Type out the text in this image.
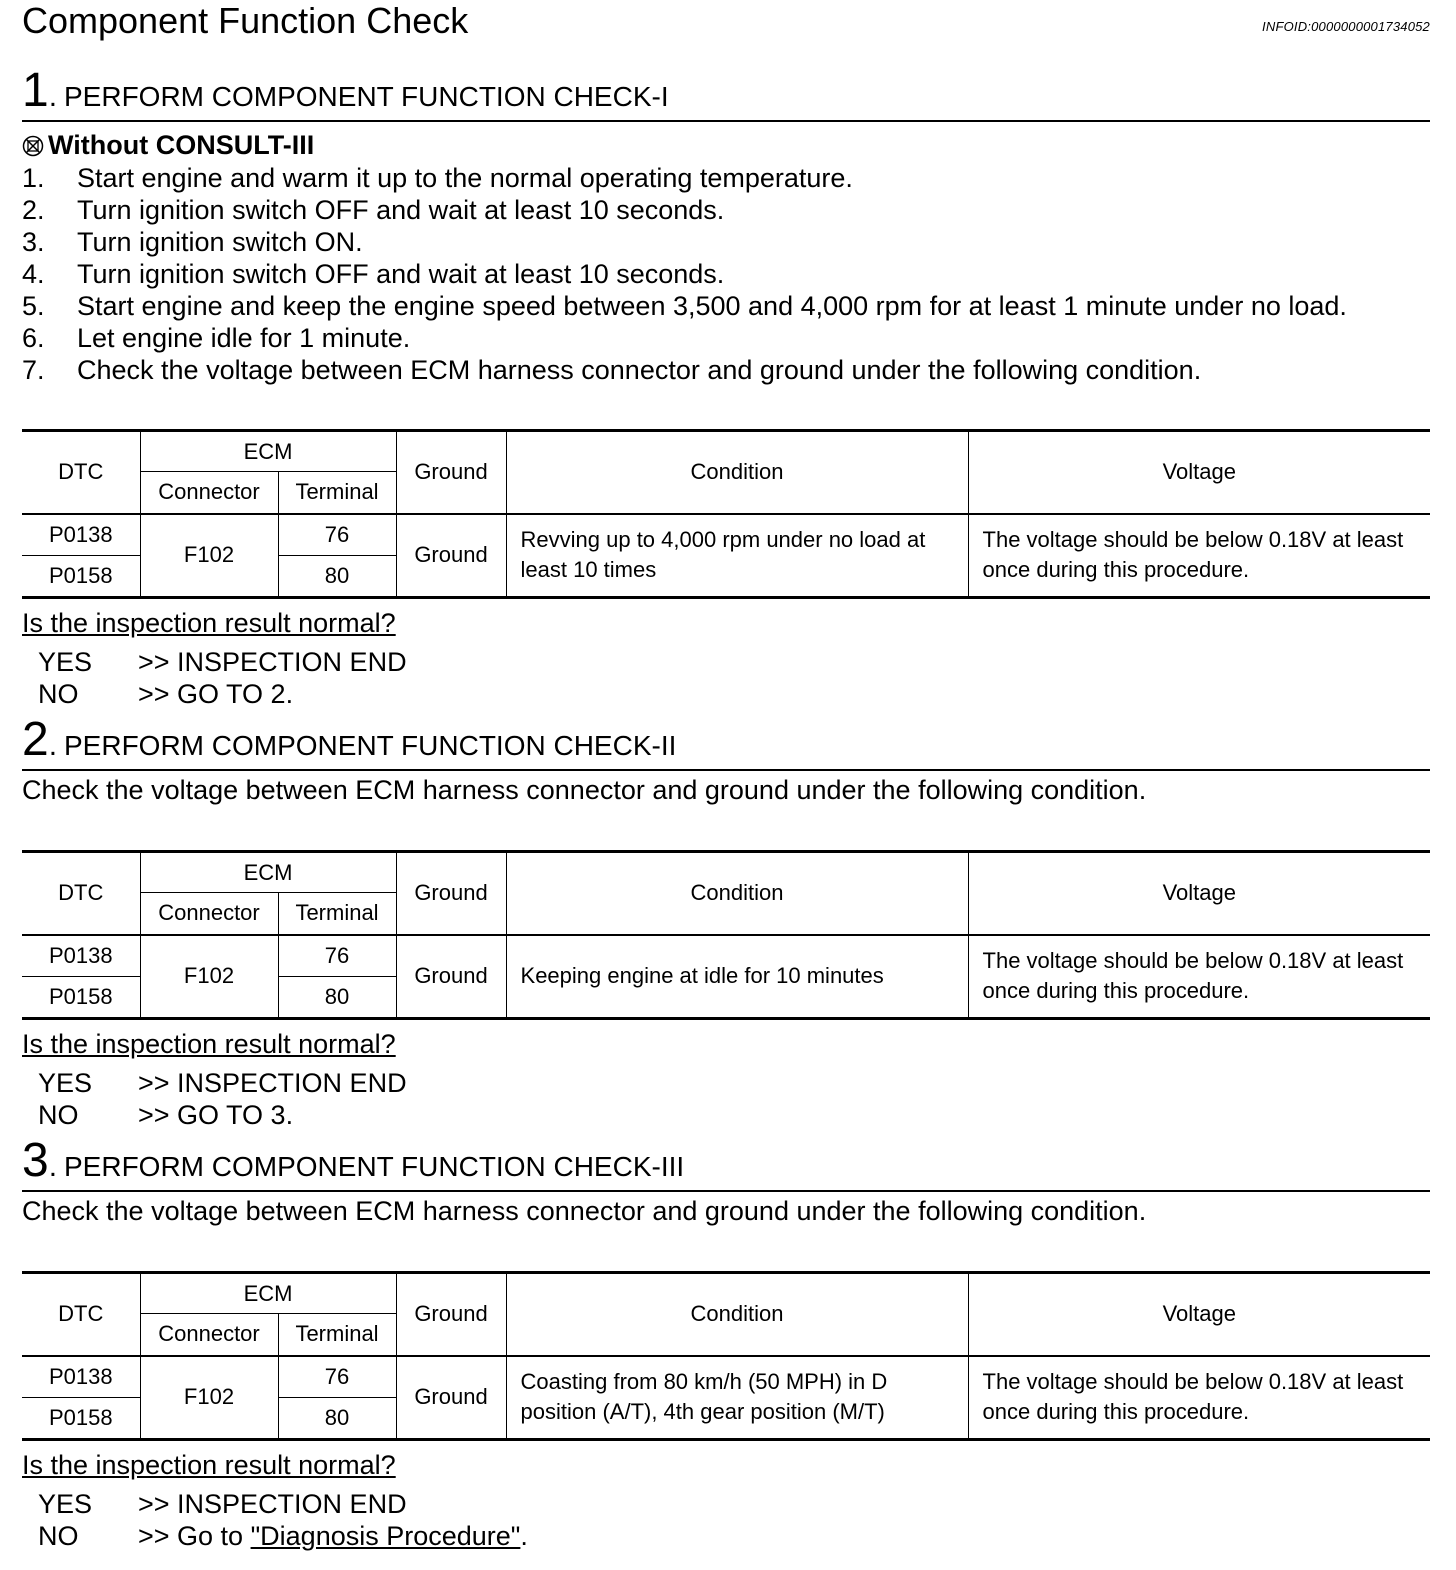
Component Function Check	INFOID:0000000001734052
1. PERFORM COMPONENT FUNCTION CHECK-I
Without CONSULT-III
1. Start engine and warm it up to the normal operating temperature.
2. Turn ignition switch OFF and wait at least 10 seconds.
3. Turn ignition switch ON.
4. Turn ignition switch OFF and wait at least 10 seconds.
5. Start engine and keep the engine speed between 3,500 and 4,000 rpm for at least 1 minute under no load.
6. Let engine idle for 1 minute.
7. Check the voltage between ECM harness connector and ground under the following condition.
DTC	ECM		Ground	Condition	Voltage
	Connector	Terminal			
P0138	F102	76	Ground	Revving up to 4,000 rpm under no load at least 10 times	The voltage should be below 0.18V at least once during this procedure.
P0158		80			
Is the inspection result normal?
YES >> INSPECTION END
NO >> GO TO 2.
2. PERFORM COMPONENT FUNCTION CHECK-II
Check the voltage between ECM harness connector and ground under the following condition.
DTC	ECM		Ground	Condition	Voltage
	Connector	Terminal			
P0138	F102	76	Ground	Keeping engine at idle for 10 minutes	The voltage should be below 0.18V at least once during this procedure.
P0158		80			
Is the inspection result normal?
YES >> INSPECTION END
NO >> GO TO 3.
3. PERFORM COMPONENT FUNCTION CHECK-III
Check the voltage between ECM harness connector and ground under the following condition.
DTC	ECM		Ground	Condition	Voltage
	Connector	Terminal			
P0138	F102	76	Ground	Coasting from 80 km/h (50 MPH) in D position (A/T), 4th gear position (M/T)	The voltage should be below 0.18V at least once during this procedure.
P0158		80			
Is the inspection result normal?
YES >> INSPECTION END
NO >> Go to "Diagnosis Procedure".
